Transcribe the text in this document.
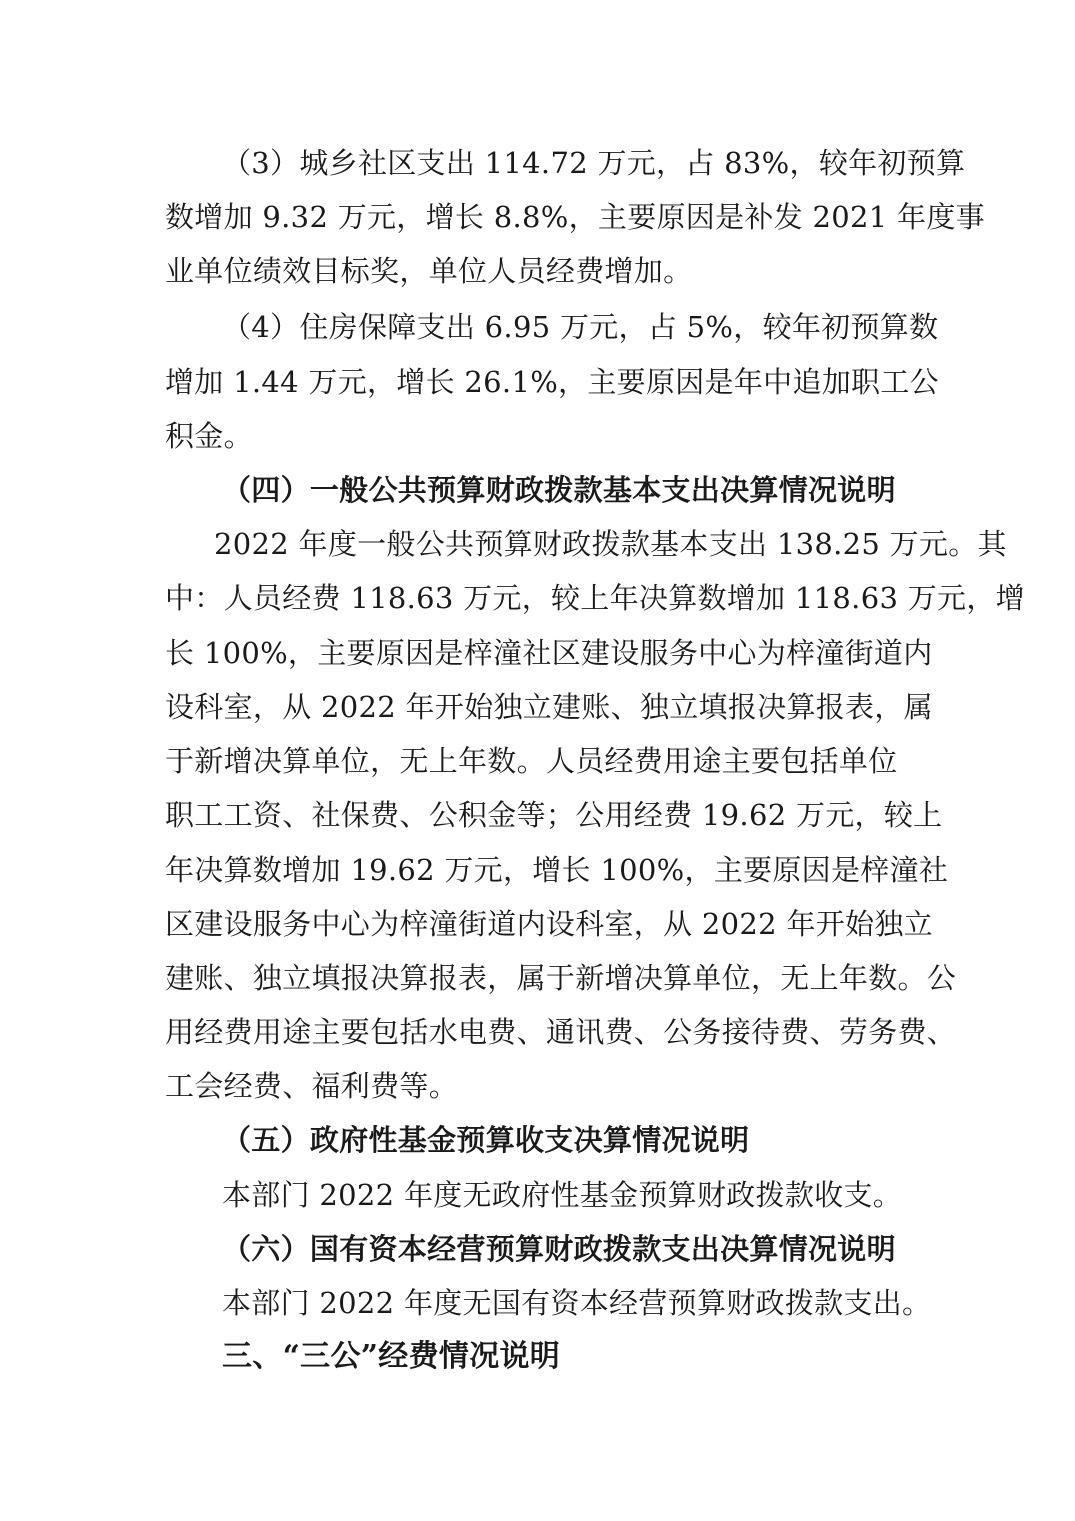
（3）城乡社区支出 114.72 万元，占 83%，较年初预算
数增加 9.32 万元，增长 8.8%，主要原因是补发 2021 年度事
业单位绩效目标奖，单位人员经费增加。
（4）住房保障支出 6.95 万元，占 5%，较年初预算数
增加 1.44 万元，增长 26.1%，主要原因是年中追加职工公
积金。
（四）一般公共预算财政拨款基本支出决算情况说明
2022 年度一般公共预算财政拨款基本支出 138.25 万元。其
中：人员经费 118.63 万元，较上年决算数增加 118.63 万元，增
长 100%，主要原因是梓潼社区建设服务中心为梓潼街道内
设科室，从 2022 年开始独立建账、独立填报决算报表，属
于新增决算单位，无上年数。人员经费用途主要包括单位
职工工资、社保费、公积金等；公用经费 19.62 万元，较上
年决算数增加 19.62 万元，增长 100%，主要原因是梓潼社
区建设服务中心为梓潼街道内设科室，从 2022 年开始独立
建账、独立填报决算报表，属于新增决算单位，无上年数。公
用经费用途主要包括水电费、通讯费、公务接待费、劳务费、
工会经费、福利费等。
（五）政府性基金预算收支决算情况说明
本部门 2022 年度无政府性基金预算财政拨款收支。
（六）国有资本经营预算财政拨款支出决算情况说明
本部门 2022 年度无国有资本经营预算财政拨款支出。
三、“三公”经费情况说明
